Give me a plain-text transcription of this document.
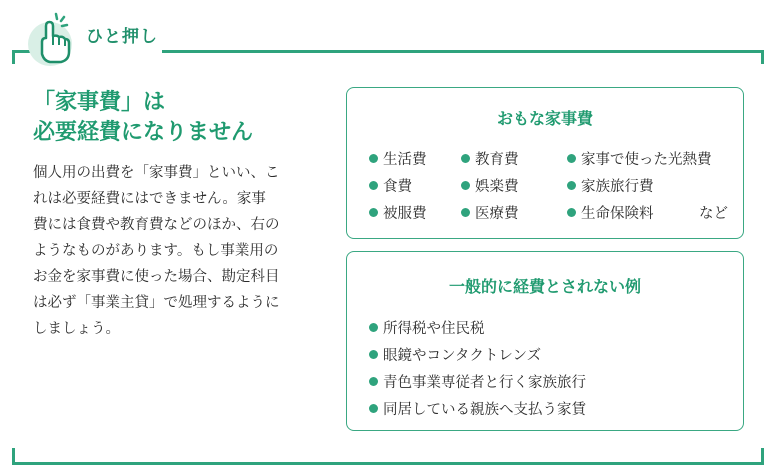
ひと押し
「家事費」は
必要経費になりません
個人用の出費を「家事費」といい、こ
れは必要経費にはできません。家事
費には食費や教育費などのほか、右の
ようなものがあります。もし事業用の
お金を家事費に使った場合、勘定科目
は必ず「事業主貸」で処理するように
しましょう。
おもな家事費
生活費	教育費	家事で使った光熱費
食費	娯楽費	家族旅行費
被服費	医療費	生命保険料	など
一般的に経費とされない例
所得税や住民税
眼鏡やコンタクトレンズ
青色事業専従者と行く家族旅行
同居している親族へ支払う家賃
